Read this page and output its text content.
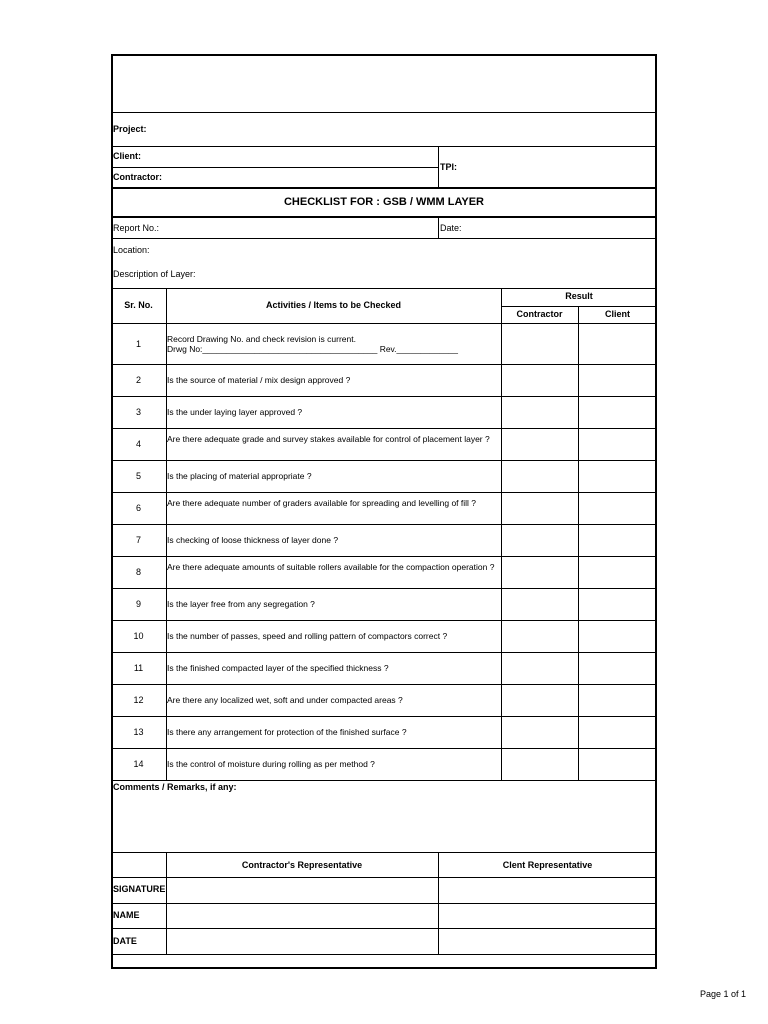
Project:
Client:
TPI:
Contractor:
CHECKLIST FOR : GSB / WMM LAYER
Report No.:	Date:
Location:
Description of Layer:
Sr. No.	Activities / Items to be Checked
Result
Contractor	Client
1	Record Drawing No. and check revision is current.
Drwg No:_____________________________________ Rev._____________
2	Is the source of material / mix design approved ?
3	Is the under laying layer approved ?
4	Are there adequate grade and survey stakes available for control of placement layer ?
5	Is the placing of material appropriate ?
6	Are there adequate number of graders available for spreading and levelling of fill ?
7	Is checking of loose thickness of layer done ?
8	Are there adequate amounts of suitable rollers available for the compaction operation ?
9	Is the layer free from any segregation ?
10	Is the number of passes, speed and rolling pattern of compactors correct ?
11	Is the finished compacted layer of the specified thickness ?
12	Are there any localized wet, soft and under compacted areas ?
13	Is there any arrangement for protection of the finished surface ?
14	Is the control of moisture during rolling as per method ?
Comments / Remarks, if any:
Contractor's Representative	Clent Representative
SIGNATURE
NAME
DATE
Page 1 of 1
